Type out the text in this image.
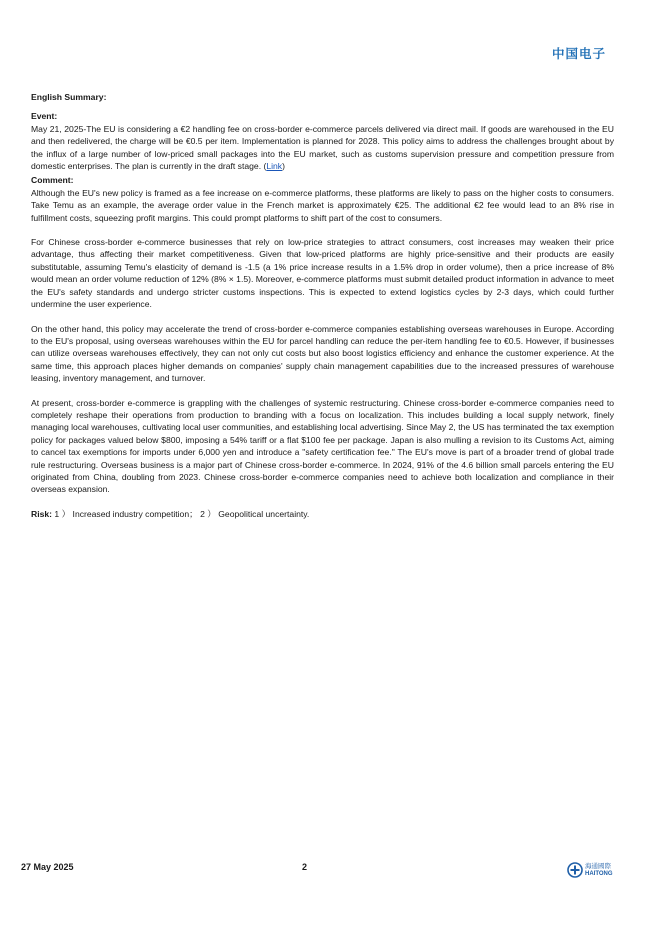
中国电子
English Summary:
Event:

May 21, 2025-The EU is considering a €2 handling fee on cross-border e-commerce parcels delivered via direct mail. If goods are warehoused in the EU and then redelivered, the charge will be €0.5 per item. Implementation is planned for 2028. This policy aims to address the challenges brought about by the influx of a large number of low-priced small packages into the EU market, such as customs supervision pressure and competition pressure from domestic enterprises. The plan is currently in the draft stage. (Link)

Comment:

Although the EU's new policy is framed as a fee increase on e-commerce platforms, these platforms are likely to pass on the higher costs to consumers. Take Temu as an example, the average order value in the French market is approximately €25. The additional €2 fee would lead to an 8% rise in fulfillment costs, squeezing profit margins. This could prompt platforms to shift part of the cost to consumers.

For Chinese cross-border e-commerce businesses that rely on low-price strategies to attract consumers, cost increases may weaken their price advantage, thus affecting their market competitiveness. Given that low-priced platforms are highly price-sensitive and their products are easily substitutable, assuming Temu's elasticity of demand is -1.5 (a 1% price increase results in a 1.5% drop in order volume), then a price increase of 8% would mean an order volume reduction of 12% (8% × 1.5). Moreover, e-commerce platforms must submit detailed product information in advance to meet the EU's safety standards and undergo stricter customs inspections. This is expected to extend logistics cycles by 2-3 days, which could further undermine the user experience.

On the other hand, this policy may accelerate the trend of cross-border e-commerce companies establishing overseas warehouses in Europe. According to the EU's proposal, using overseas warehouses within the EU for parcel handling can reduce the per-item handling fee to €0.5. However, if businesses can utilize overseas warehouses effectively, they can not only cut costs but also boost logistics efficiency and enhance the customer experience. At the same time, this approach places higher demands on companies' supply chain management capabilities due to the increased pressures of warehouse leasing, inventory management, and turnover.

At present, cross-border e-commerce is grappling with the challenges of systemic restructuring. Chinese cross-border e-commerce companies need to completely reshape their operations from production to branding with a focus on localization. This includes building a local supply network, finely managing local warehouses, cultivating local user communities, and establishing local advertising. Since May 2, the US has terminated the tax exemption policy for packages valued below $800, imposing a 54% tariff or a flat $100 fee per package. Japan is also mulling a revision to its Customs Act, aiming to cancel tax exemptions for imports under 6,000 yen and introduce a "safety certification fee." The EU's move is part of a broader trend of global trade rule restructuring. Overseas business is a major part of Chinese cross-border e-commerce. In 2024, 91% of the 4.6 billion small parcels entering the EU originated from China, doubling from 2023. Chinese cross-border e-commerce companies need to achieve both localization and compliance in their overseas expansion.

Risk: 1 ） Increased industry competition； 2 ） Geopolitical uncertainty.

27 May 2025	2	海通國際
HAITONG
